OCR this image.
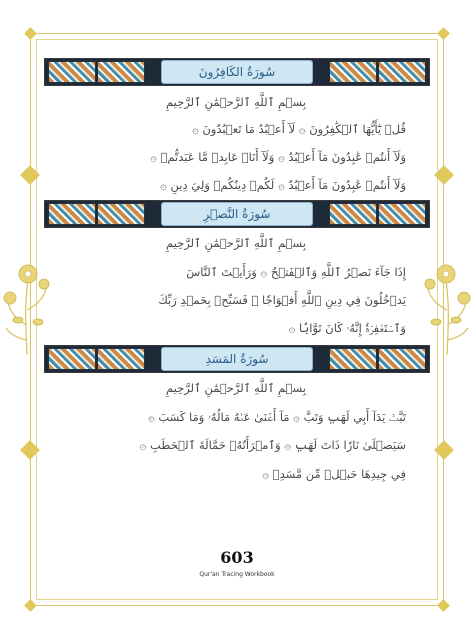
سُورَةُ الكَافِرُونَ
بِسۡمِ ٱللَّهِ ٱلرَّحۡمَٰنِ ٱلرَّحِيمِ
قُلۡ يَٰٓأَيُّهَا ٱلۡكَٰفِرُونَ ۞ لَآ أَعۡبُدُ مَا تَعۡبُدُونَ ۞
وَلَآ أَنتُمۡ عَٰبِدُونَ مَآ أَعۡبُدُ ۞ وَلَآ أَنَا۠ عَابِدٞ مَّا عَبَدتُّمۡ ۞
وَلَآ أَنتُمۡ عَٰبِدُونَ مَآ أَعۡبُدُ ۞ لَكُمۡ دِينُكُمۡ وَلِيَ دِينِ ۞
سُورَةُ النَّصۡرِ
بِسۡمِ ٱللَّهِ ٱلرَّحۡمَٰنِ ٱلرَّحِيمِ
إِذَا جَآءَ نَصۡرُ ٱللَّهِ وَٱلۡفَتۡحُ ۞ وَرَأَيۡتَ ٱلنَّاسَ
يَدۡخُلُونَ فِي دِينِ ٱللَّهِ أَفۡوَاجٗا ۞ فَسَبِّحۡ بِحَمۡدِ رَبِّكَ
وَٱسۡتَغۡفِرۡهُۚ إِنَّهُۥ كَانَ تَوَّابَۢا ۞
سُورَةُ المَسَدِ
بِسۡمِ ٱللَّهِ ٱلرَّحۡمَٰنِ ٱلرَّحِيمِ
تَبَّتۡ يَدَآ أَبِي لَهَبٖ وَتَبَّ ۞ مَآ أَغۡنَىٰ عَنۡهُ مَالُهُۥ وَمَا كَسَبَ ۞
سَيَصۡلَىٰ نَارٗا ذَاتَ لَهَبٖ ۞ وَٱمۡرَأَتُهُۥ حَمَّالَةَ ٱلۡحَطَبِ ۞
فِي جِيدِهَا حَبۡلٞ مِّن مَّسَدِۭ ۞
603
Qur'an Tracing Workbook
